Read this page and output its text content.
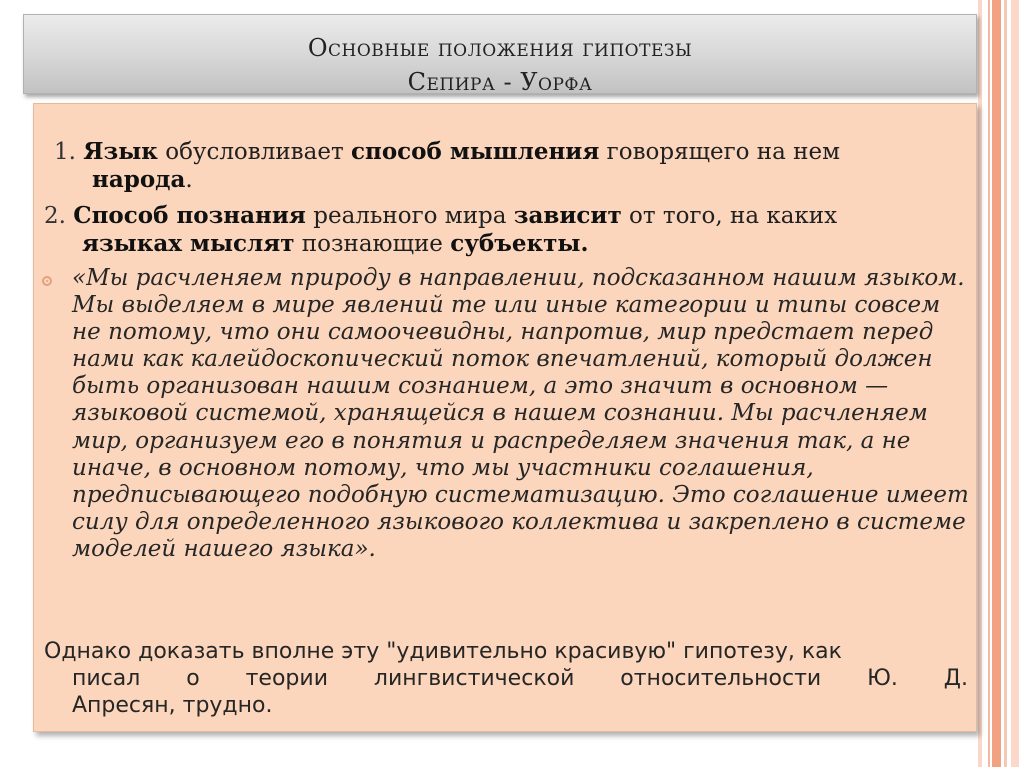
Основные положения гипотезы
Сепира - Уорфа
1. Язык обусловливает способ мышления говорящего на нем
народа.
2. Способ познания реального мира зависит от того, на каких
языках мыслят познающие субъекты.
«Мы расчленяем природу в направлении, подсказанном нашим языком. Мы выделяем в мире явлений те или иные категории и типы совсем не потому, что они самоочевидны, напротив, мир предстает перед нами как калейдоскопический поток впечатлений, который должен быть организован нашим сознанием, а это значит в основном — языковой системой, хранящейся в нашем сознании. Мы расчленяем мир, организуем его в понятия и распределяем значения так, а не иначе, в основном потому, что мы участники соглашения, предписывающего подобную систематизацию. Это соглашение имеет силу для определенного языкового коллектива и закреплено в системе моделей нашего языка».
Однако доказать вполне эту "удивительно красивую" гипотезу, как
писал о теории лингвистической относительности Ю. Д.
Апресян, трудно.
